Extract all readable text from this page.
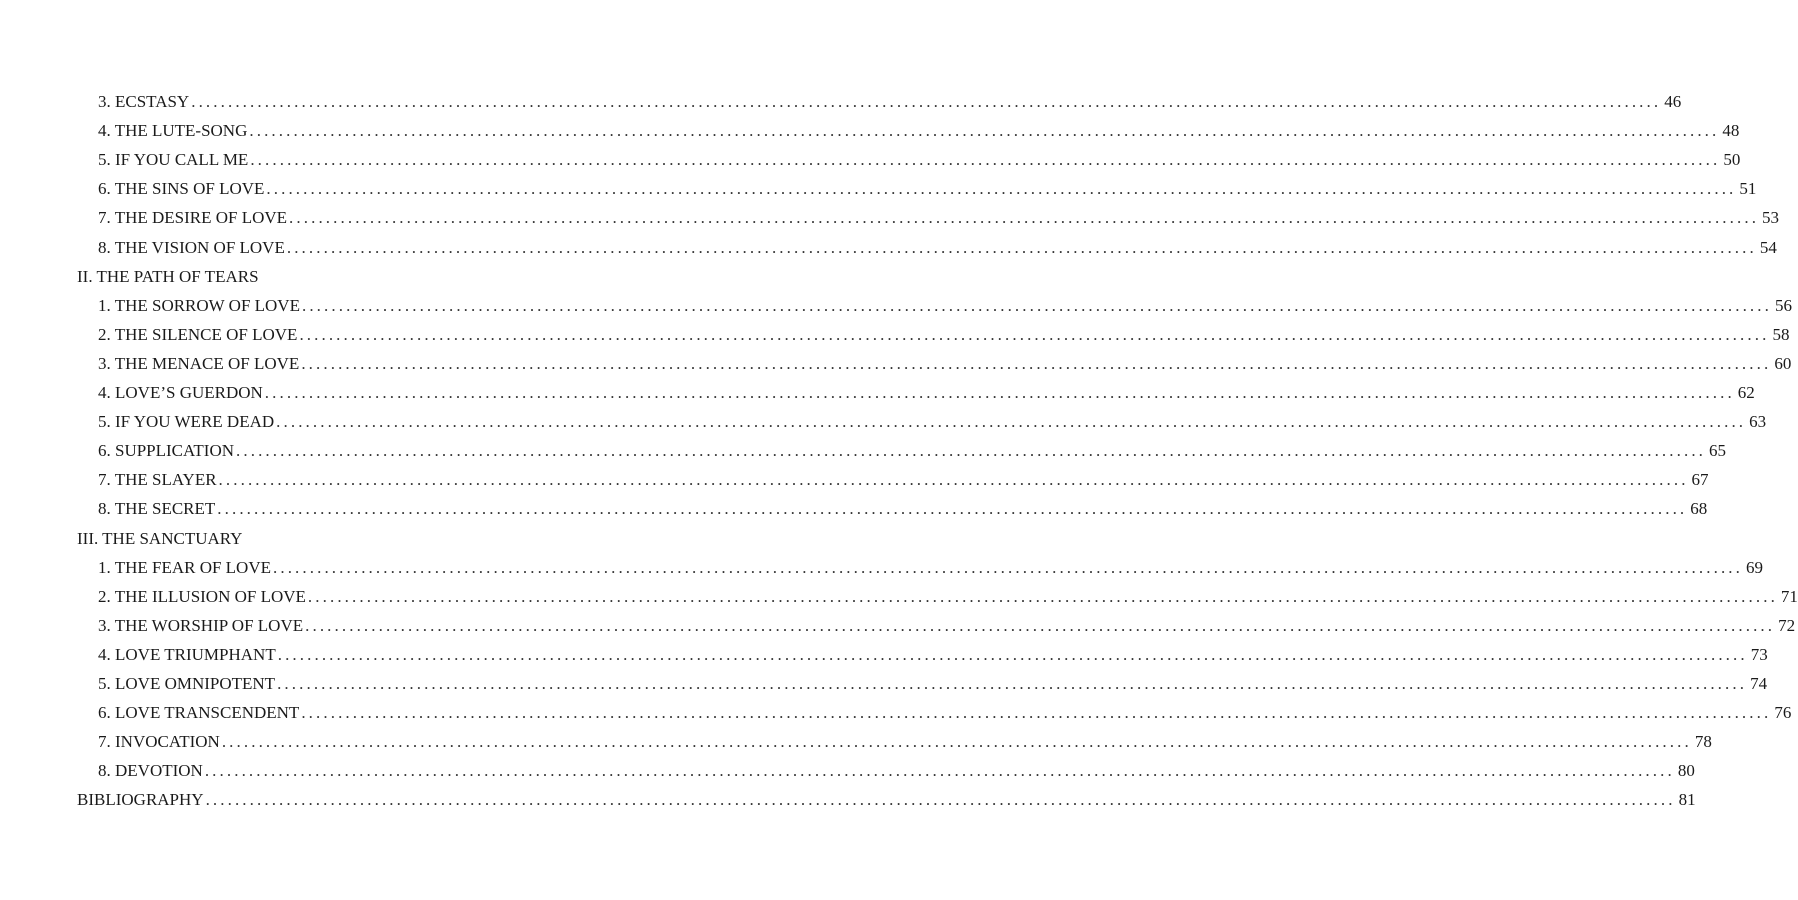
3. ECSTASY ........................................................................................................................................................................................................ 46
4. THE LUTE-SONG ........................................................................................................................................................................................................ 48
5. IF YOU CALL ME ........................................................................................................................................................................................................ 50
6. THE SINS OF LOVE ........................................................................................................................................................................................................ 51
7. THE DESIRE OF LOVE ........................................................................................................................................................................................................ 53
8. THE VISION OF LOVE ........................................................................................................................................................................................................ 54
II. THE PATH OF TEARS
1. THE SORROW OF LOVE ........................................................................................................................................................................................................ 56
2. THE SILENCE OF LOVE ........................................................................................................................................................................................................ 58
3. THE MENACE OF LOVE ........................................................................................................................................................................................................ 60
4. LOVE’S GUERDON ........................................................................................................................................................................................................ 62
5. IF YOU WERE DEAD ........................................................................................................................................................................................................ 63
6. SUPPLICATION ........................................................................................................................................................................................................ 65
7. THE SLAYER ........................................................................................................................................................................................................ 67
8. THE SECRET ........................................................................................................................................................................................................ 68
III. THE SANCTUARY
1. THE FEAR OF LOVE ........................................................................................................................................................................................................ 69
2. THE ILLUSION OF LOVE ........................................................................................................................................................................................................ 71
3. THE WORSHIP OF LOVE ........................................................................................................................................................................................................ 72
4. LOVE TRIUMPHANT ........................................................................................................................................................................................................ 73
5. LOVE OMNIPOTENT ........................................................................................................................................................................................................ 74
6. LOVE TRANSCENDENT ........................................................................................................................................................................................................ 76
7. INVOCATION ........................................................................................................................................................................................................ 78
8. DEVOTION ........................................................................................................................................................................................................ 80
BIBLIOGRAPHY ........................................................................................................................................................................................................ 81
